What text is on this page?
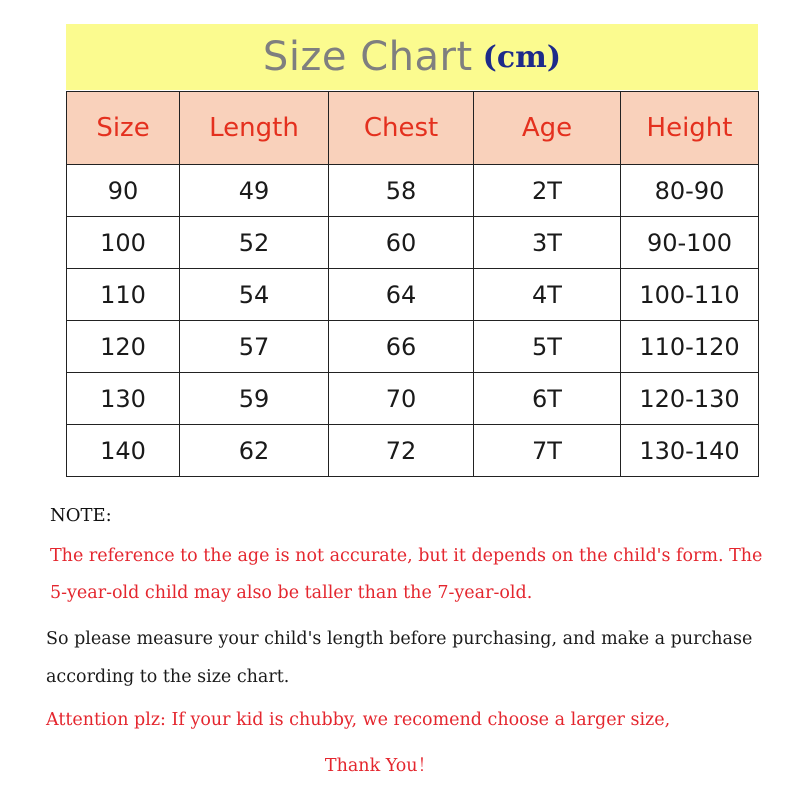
Size Chart (cm)
Size	Length	Chest	Age	Height
90	49	58	2T	80-90
100	52	60	3T	90-100
110	54	64	4T	100-110
120	57	66	5T	110-120
130	59	70	6T	120-130
140	62	72	7T	130-140
NOTE:
The reference to the age is not accurate, but it depends on the child's form. The 5-year-old child may also be taller than the 7-year-old.
So please measure your child's length before purchasing, and make a purchase according to the size chart.
Attention plz: If your kid is chubby, we recomend choose a larger size,
Thank You！
